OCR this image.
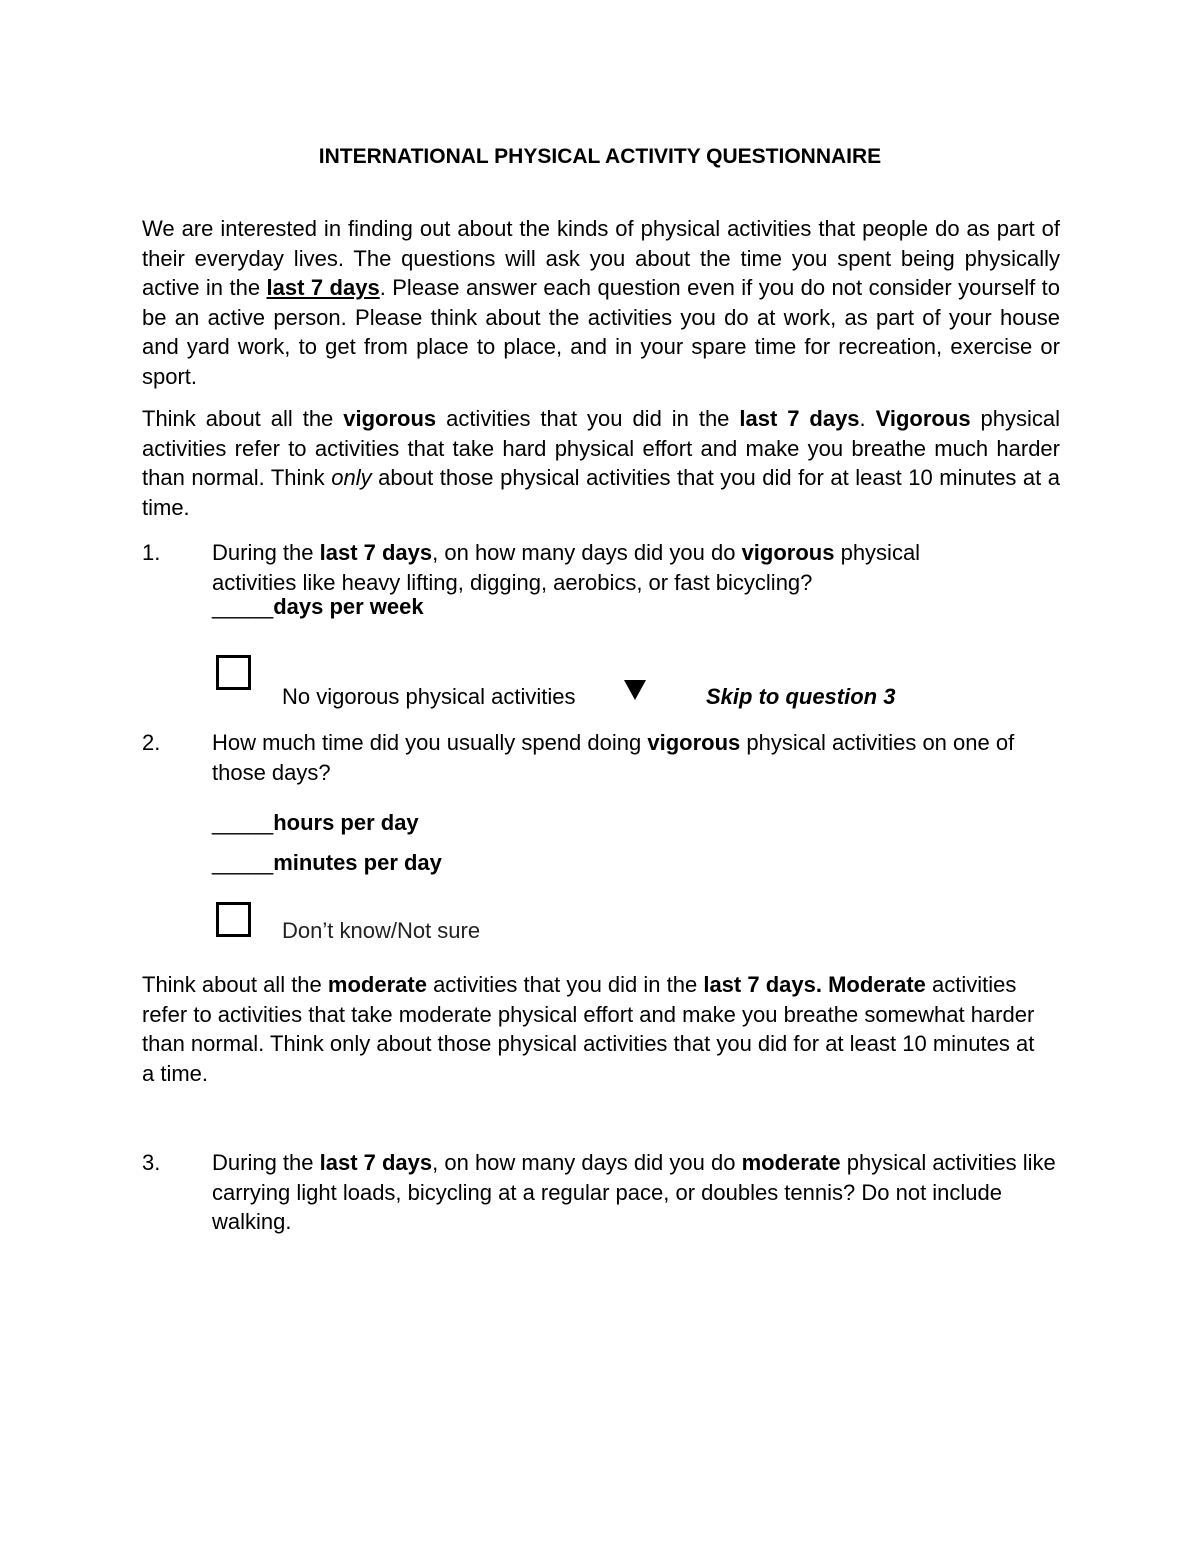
INTERNATIONAL PHYSICAL ACTIVITY QUESTIONNAIRE

We are interested in finding out about the kinds of physical activities that people do as part of their everyday lives. The questions will ask you about the time you spent being physically active in the last 7 days. Please answer each question even if you do not consider yourself to be an active person. Please think about the activities you do at work, as part of your house and yard work, to get from place to place, and in your spare time for recreation, exercise or sport.

Think about all the vigorous activities that you did in the last 7 days. Vigorous physical activities refer to activities that take hard physical effort and make you breathe much harder than normal. Think only about those physical activities that you did for at least 10 minutes at a time.

1. During the last 7 days, on how many days did you do vigorous physical activities like heavy lifting, digging, aerobics, or fast bicycling?

_____days per week
No vigorous physical activities	Skip to question 3
2. How much time did you usually spend doing vigorous physical activities on one of those days?

_____hours per day
_____minutes per day
Don’t know/Not sure

Think about all the moderate activities that you did in the last 7 days. Moderate activities refer to activities that take moderate physical effort and make you breathe somewhat harder than normal. Think only about those physical activities that you did for at least 10 minutes at a time.

3. During the last 7 days, on how many days did you do moderate physical activities like carrying light loads, bicycling at a regular pace, or doubles tennis? Do not include walking.
